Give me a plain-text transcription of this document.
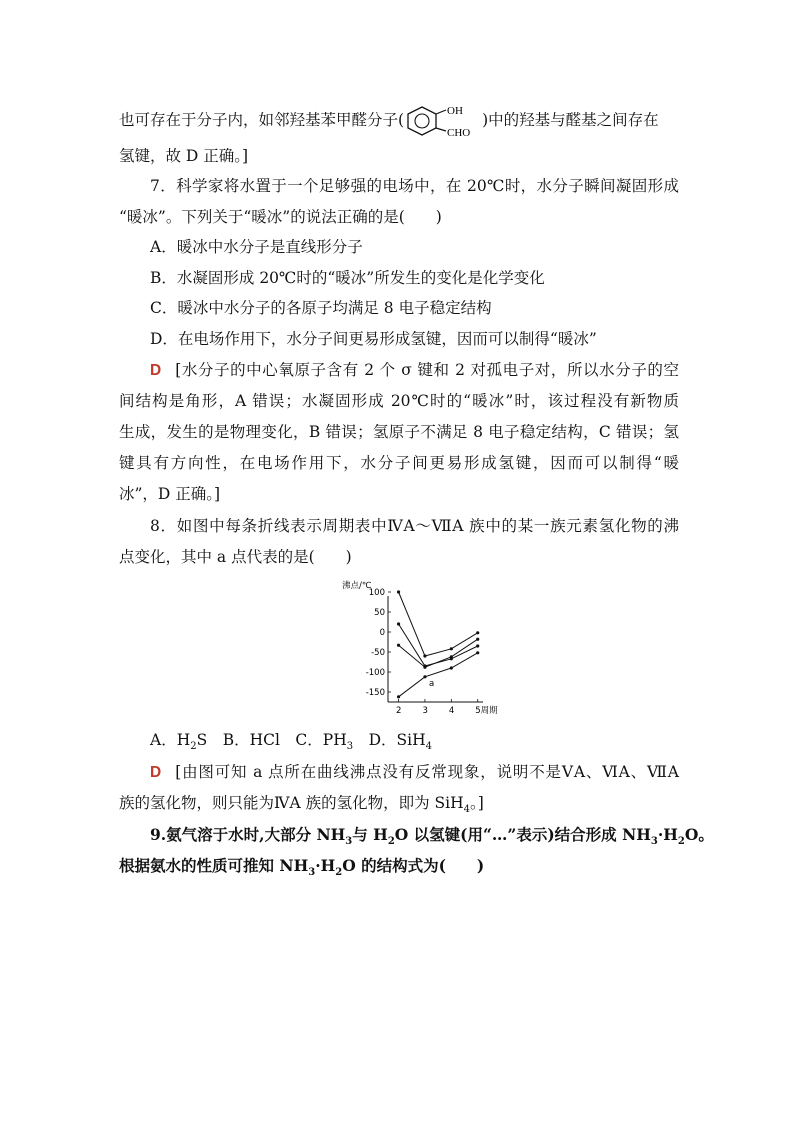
也可存在于分子内，如邻羟基苯甲醛分子(	OH
CHO
)中的羟基与醛基之间存在
氢键，故 D 正确。]
7．科学家将水置于一个足够强的电场中，在 20℃时，水分子瞬间凝固形成
“暖冰”。下列关于“暖冰”的说法正确的是(　　)
A．暖冰中水分子是直线形分子
B．水凝固形成 20℃时的“暖冰”所发生的变化是化学变化
C．暖冰中水分子的各原子均满足 8 电子稳定结构
D．在电场作用下，水分子间更易形成氢键，因而可以制得“暖冰”
D [水分子的中心氧原子含有 2 个 σ 键和 2 对孤电子对，所以水分子的空
间结构是角形，A 错误；水凝固形成 20℃时的“暖冰”时，该过程没有新物质
生成，发生的是物理变化，B 错误；氢原子不满足 8 电子稳定结构，C 错误；氢
键具有方向性，在电场作用下，水分子间更易形成氢键，因而可以制得“暖
冰”，D 正确。]
8．如图中每条折线表示周期表中ⅣA～ⅦA 族中的某一族元素氢化物的沸
点变化，其中 a 点代表的是(　　)
沸点/℃
100
50
0
-50
-100
-150
2 3 4 5周期
a
A．$H_2S$　B．HCl　C．$PH_3$　D．SiH$_4$
D [由图可知 a 点所在曲线沸点没有反常现象，说明不是ⅤA、ⅥA、ⅦA
族的氢化物，则只能为ⅣA 族的氢化物，即为 SiH$_4$。]
9.氨气溶于水时,大部分 $NH_3$与 $H_2O$ 以氢键(用“…”表示)结合形成 $NH_3\cdot H_2O$。
根据氨水的性质可推知 $NH_3\cdot H_2O$ 的结构式为(　　)
